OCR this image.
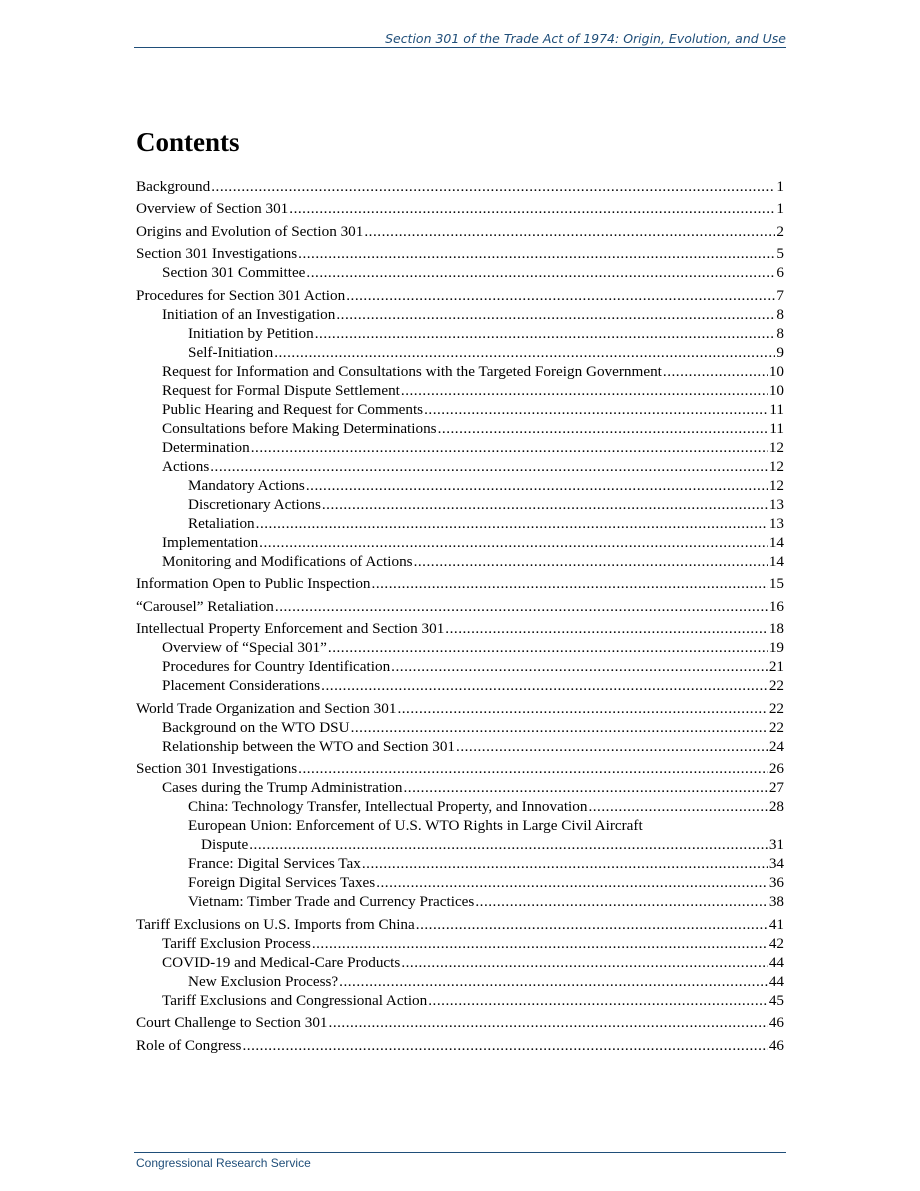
Section 301 of the Trade Act of 1974: Origin, Evolution, and Use
Contents
Background .....	1
Overview of Section 301 .....	1
Origins and Evolution of Section 301 .....	2
Section 301 Investigations .....	5
Section 301 Committee .....	6
Procedures for Section 301 Action .....	7
Initiation of an Investigation .....	8
Initiation by Petition .....	8
Self-Initiation .....	9
Request for Information and Consultations with the Targeted Foreign Government .....	10
Request for Formal Dispute Settlement .....	10
Public Hearing and Request for Comments .....	11
Consultations before Making Determinations .....	11
Determination .....	12
Actions .....	12
Mandatory Actions .....	12
Discretionary Actions .....	13
Retaliation .....	13
Implementation .....	14
Monitoring and Modifications of Actions .....	14
Information Open to Public Inspection .....	15
“Carousel” Retaliation .....	16
Intellectual Property Enforcement and Section 301 .....	18
Overview of “Special 301” .....	19
Procedures for Country Identification .....	21
Placement Considerations .....	22
World Trade Organization and Section 301 .....	22
Background on the WTO DSU .....	22
Relationship between the WTO and Section 301 .....	24
Section 301 Investigations .....	26
Cases during the Trump Administration .....	27
China: Technology Transfer, Intellectual Property, and Innovation .....	28
European Union: Enforcement of U.S. WTO Rights in Large Civil Aircraft
Dispute .....	31
France: Digital Services Tax .....	34
Foreign Digital Services Taxes .....	36
Vietnam: Timber Trade and Currency Practices .....	38
Tariff Exclusions on U.S. Imports from China .....	41
Tariff Exclusion Process .....	42
COVID-19 and Medical-Care Products .....	44
New Exclusion Process? .....	44
Tariff Exclusions and Congressional Action .....	45
Court Challenge to Section 301 .....	46
Role of Congress .....	46
Congressional Research Service
